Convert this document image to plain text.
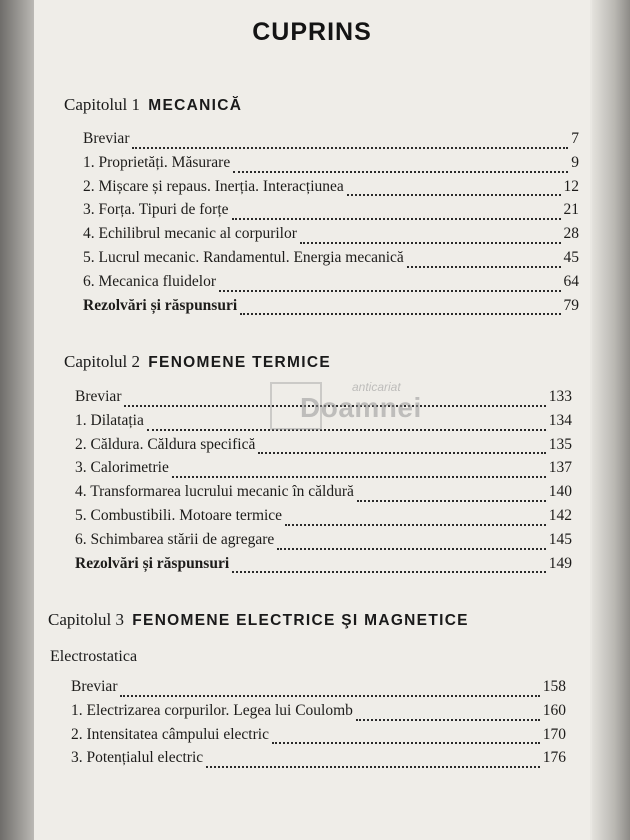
CUPRINS
Capitolul 1 MECANICĂ
Breviar	7
1. Proprietăți. Măsurare	9
2. Mișcare și repaus. Inerția. Interacțiunea	12
3. Forța. Tipuri de forțe	21
4. Echilibrul mecanic al corpurilor	28
5. Lucrul mecanic. Randamentul. Energia mecanică	45
6. Mecanica fluidelor	64
Rezolvări și răspunsuri	79
Capitolul 2 FENOMENE TERMICE
Breviar	133
1. Dilatația	134
2. Căldura. Căldura specifică	135
3. Calorimetrie	137
4. Transformarea lucrului mecanic în căldură	140
5. Combustibili. Motoare termice	142
6. Schimbarea stării de agregare	145
Rezolvări și răspunsuri	149
Capitolul 3 FENOMENE ELECTRICE ŞI MAGNETICE
Electrostatica
Breviar	158
1. Electrizarea corpurilor. Legea lui Coulomb	160
2. Intensitatea câmpului electric	170
3. Potențialul electric	176
anticariat
Doamnei
